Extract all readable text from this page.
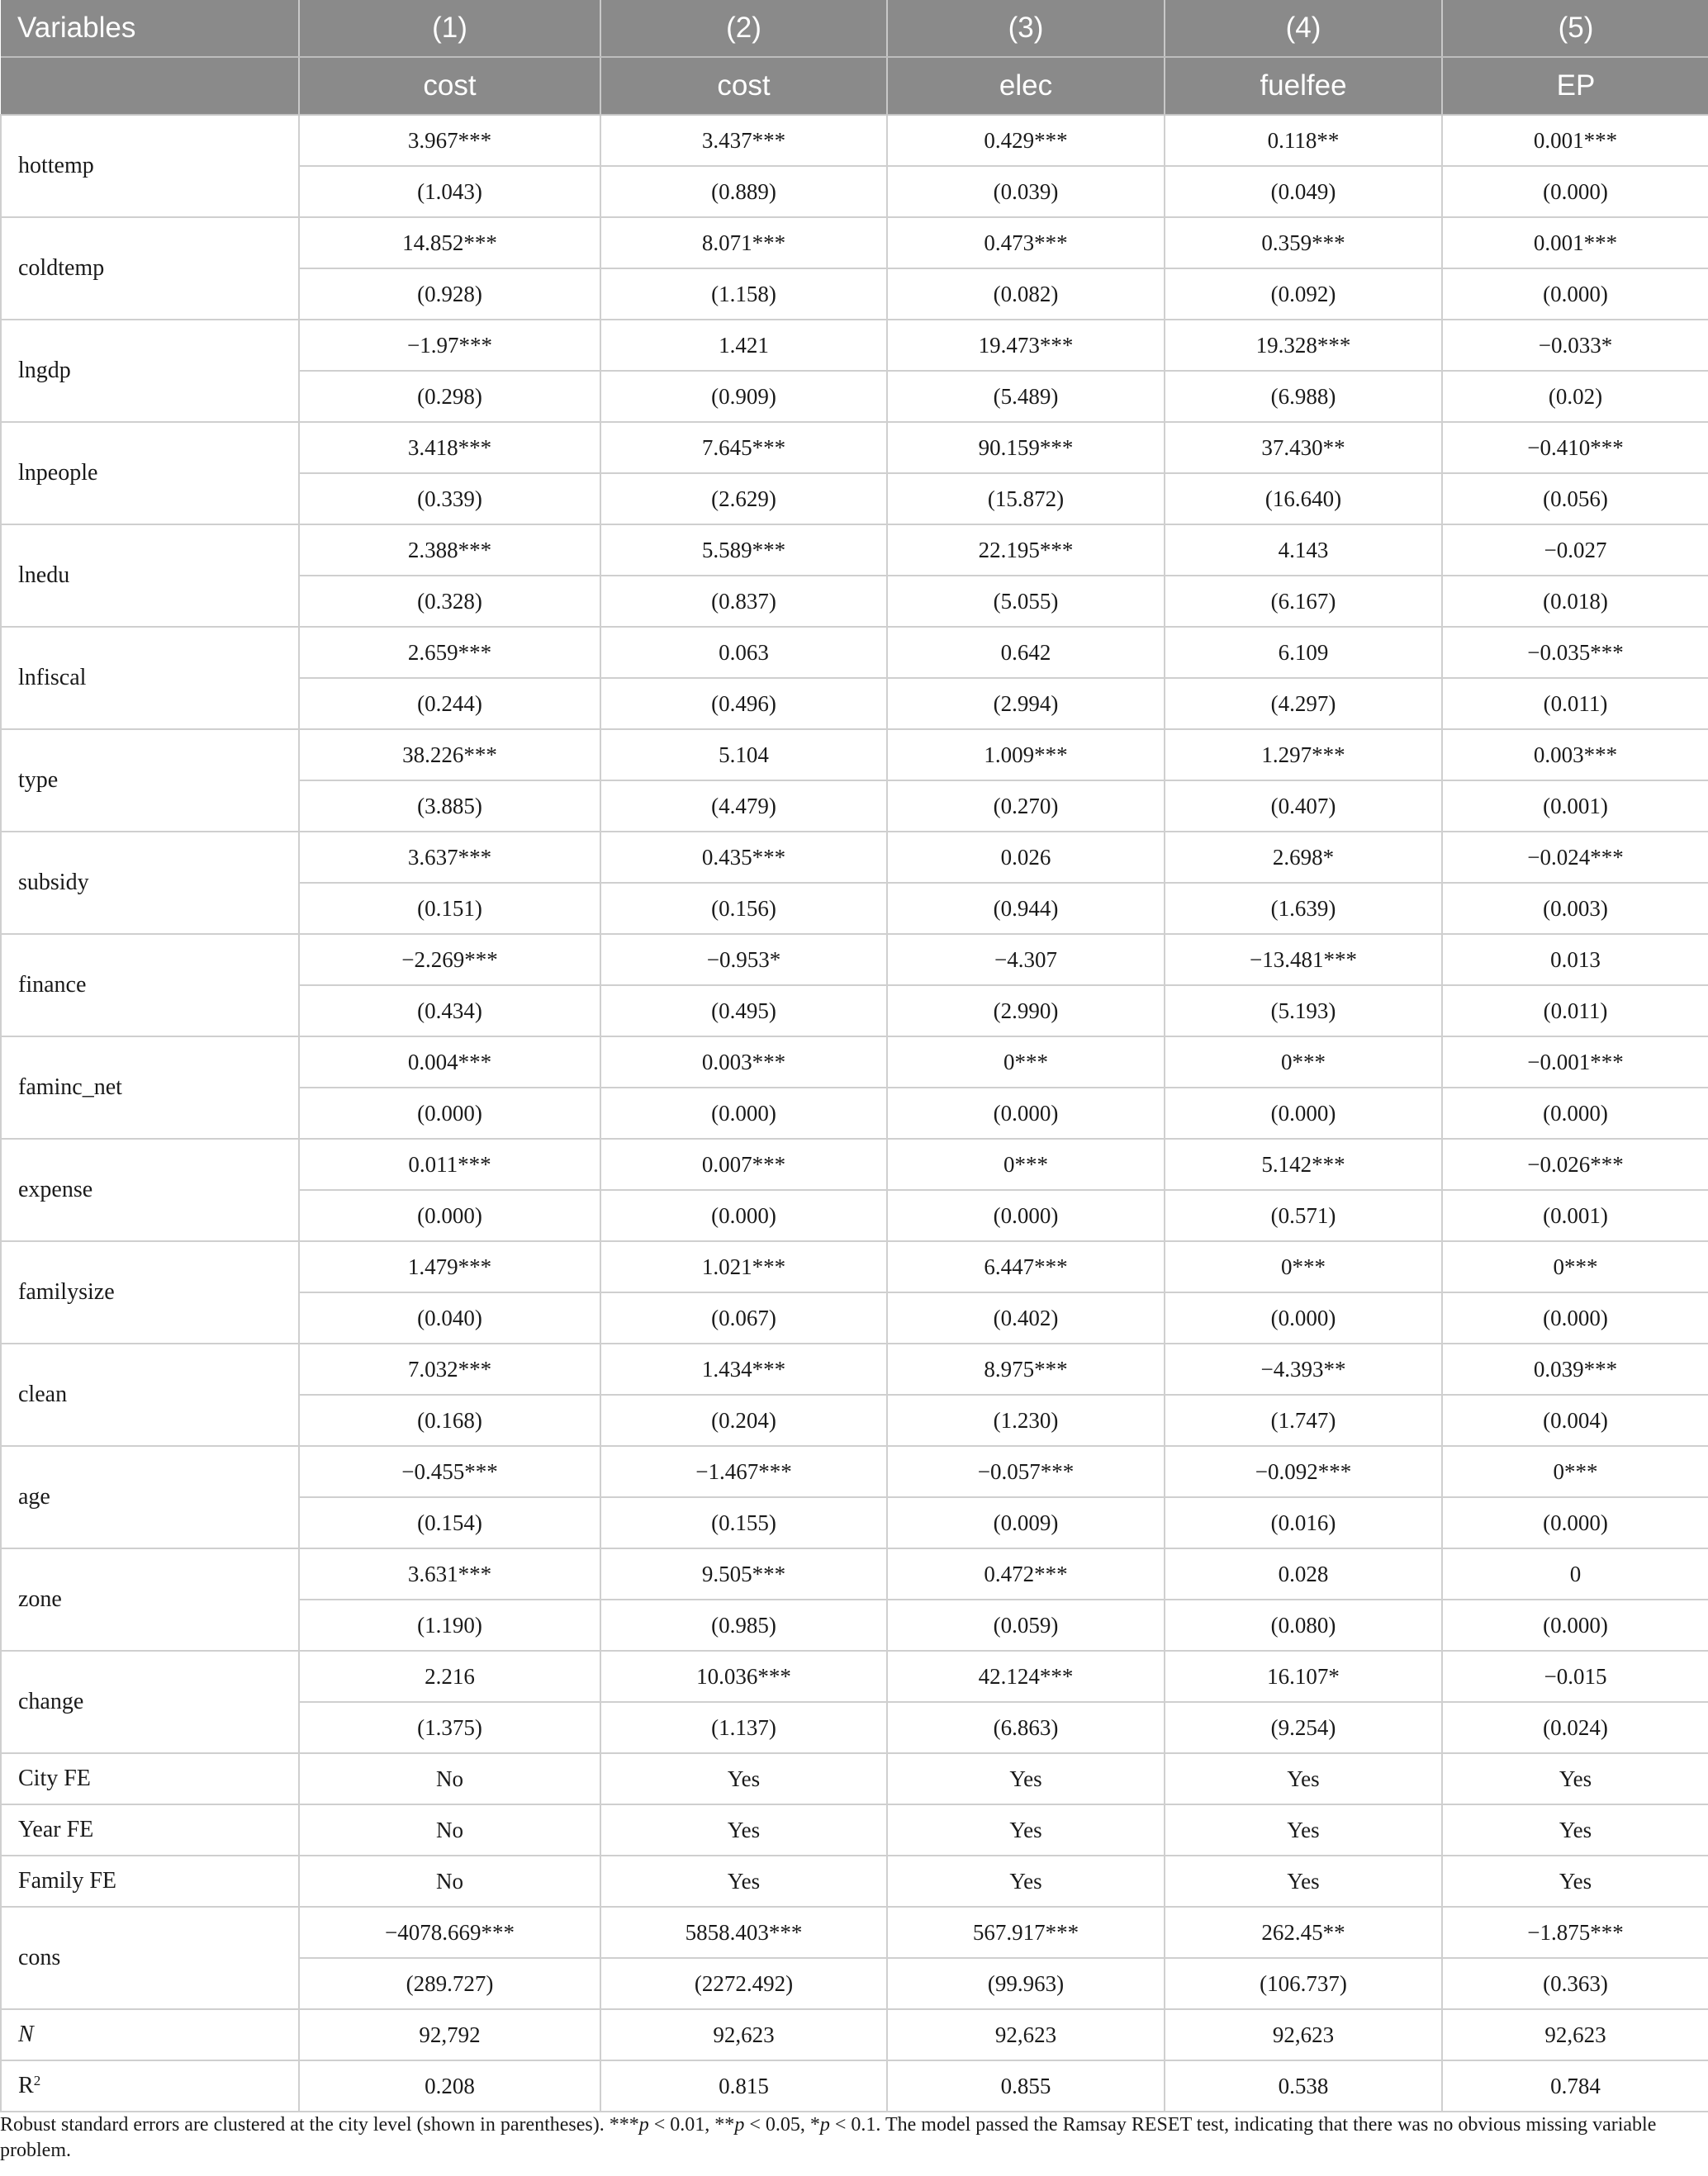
Variables	(1)	(2)	(3)	(4)	(5)
	cost	cost	elec	fuelfee	EP
hottemp	3.967***	3.437***	0.429***	0.118**	0.001***
	(1.043)	(0.889)	(0.039)	(0.049)	(0.000)
coldtemp	14.852***	8.071***	0.473***	0.359***	0.001***
	(0.928)	(1.158)	(0.082)	(0.092)	(0.000)
lngdp	−1.97***	1.421	19.473***	19.328***	−0.033*
	(0.298)	(0.909)	(5.489)	(6.988)	(0.02)
lnpeople	3.418***	7.645***	90.159***	37.430**	−0.410***
	(0.339)	(2.629)	(15.872)	(16.640)	(0.056)
lnedu	2.388***	5.589***	22.195***	4.143	−0.027
	(0.328)	(0.837)	(5.055)	(6.167)	(0.018)
lnfiscal	2.659***	0.063	0.642	6.109	−0.035***
	(0.244)	(0.496)	(2.994)	(4.297)	(0.011)
type	38.226***	5.104	1.009***	1.297***	0.003***
	(3.885)	(4.479)	(0.270)	(0.407)	(0.001)
subsidy	3.637***	0.435***	0.026	2.698*	−0.024***
	(0.151)	(0.156)	(0.944)	(1.639)	(0.003)
finance	−2.269***	−0.953*	−4.307	−13.481***	0.013
	(0.434)	(0.495)	(2.990)	(5.193)	(0.011)
faminc_net	0.004***	0.003***	0***	0***	−0.001***
	(0.000)	(0.000)	(0.000)	(0.000)	(0.000)
expense	0.011***	0.007***	0***	5.142***	−0.026***
	(0.000)	(0.000)	(0.000)	(0.571)	(0.001)
familysize	1.479***	1.021***	6.447***	0***	0***
	(0.040)	(0.067)	(0.402)	(0.000)	(0.000)
clean	7.032***	1.434***	8.975***	−4.393**	0.039***
	(0.168)	(0.204)	(1.230)	(1.747)	(0.004)
age	−0.455***	−1.467***	−0.057***	−0.092***	0***
	(0.154)	(0.155)	(0.009)	(0.016)	(0.000)
zone	3.631***	9.505***	0.472***	0.028	0
	(1.190)	(0.985)	(0.059)	(0.080)	(0.000)
change	2.216	10.036***	42.124***	16.107*	−0.015
	(1.375)	(1.137)	(6.863)	(9.254)	(0.024)
City FE	No	Yes	Yes	Yes	Yes
Year FE	No	Yes	Yes	Yes	Yes
Family FE	No	Yes	Yes	Yes	Yes
cons	−4078.669***	5858.403***	567.917***	262.45**	−1.875***
	(289.727)	(2272.492)	(99.963)	(106.737)	(0.363)
N	92,792	92,623	92,623	92,623	92,623
$R^2$	0.208	0.815	0.855	0.538	0.784
Robust standard errors are clustered at the city level (shown in parentheses). ***p < 0.01, **p < 0.05, *p < 0.1. The model passed the Ramsay RESET test, indicating that there was no obvious missing variable problem.
